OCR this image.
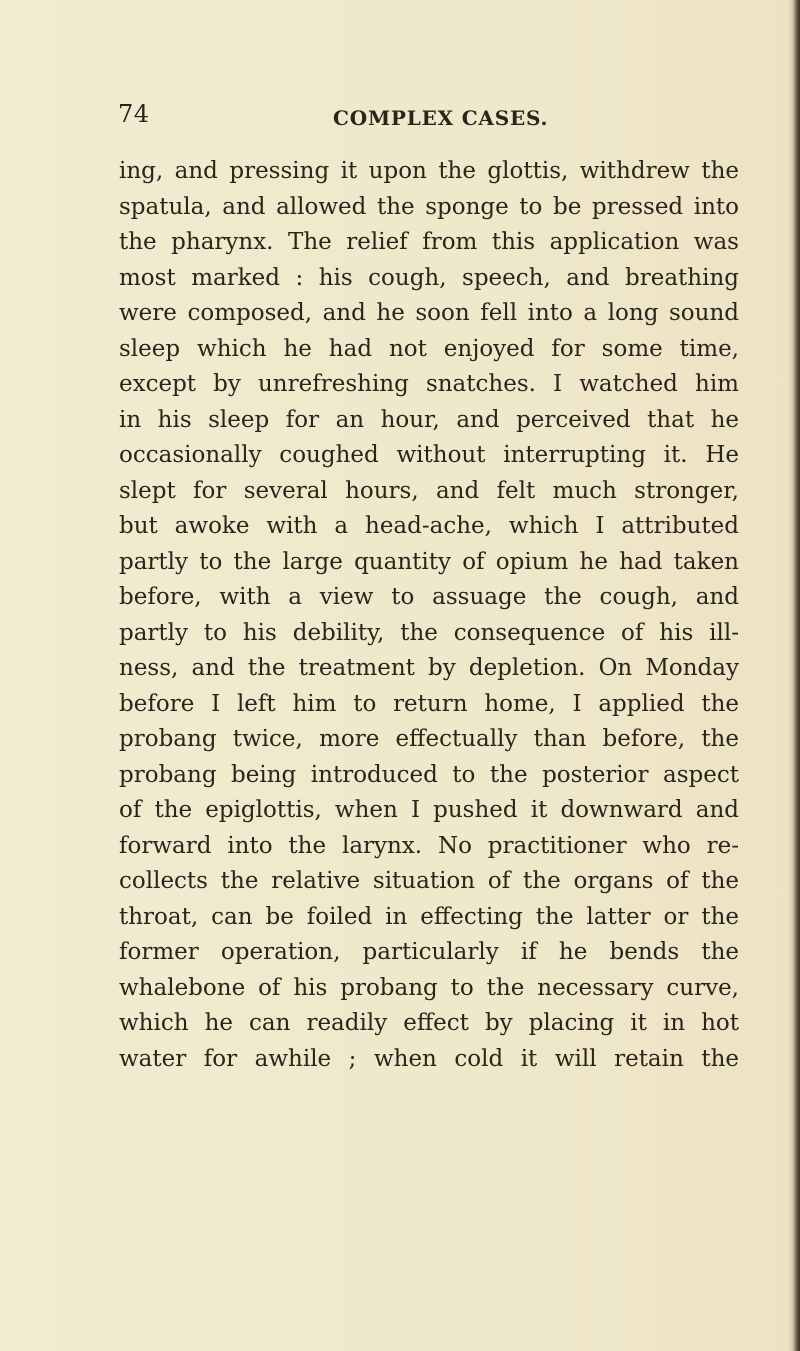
74	COMPLEX CASES.
ing, and pressing it upon the glottis, withdrew the
spatula, and allowed the sponge to be pressed into
the pharynx. The relief from this application was
most marked : his cough, speech, and breathing
were composed, and he soon fell into a long sound
sleep which he had not enjoyed for some time,
except by unrefreshing snatches. I watched him
in his sleep for an hour, and perceived that he
occasionally coughed without interrupting it. He
slept for several hours, and felt much stronger,
but awoke with a head-ache, which I attributed
partly to the large quantity of opium he had taken
before, with a view to assuage the cough, and
partly to his debility, the consequence of his ill-
ness, and the treatment by depletion. On Monday
before I left him to return home, I applied the
probang twice, more effectually than before, the
probang being introduced to the posterior aspect
of the epiglottis, when I pushed it downward and
forward into the larynx. No practitioner who re-
collects the relative situation of the organs of the
throat, can be foiled in effecting the latter or the
former operation, particularly if he bends the
whalebone of his probang to the necessary curve,
which he can readily effect by placing it in hot
water for awhile ; when cold it will retain the
